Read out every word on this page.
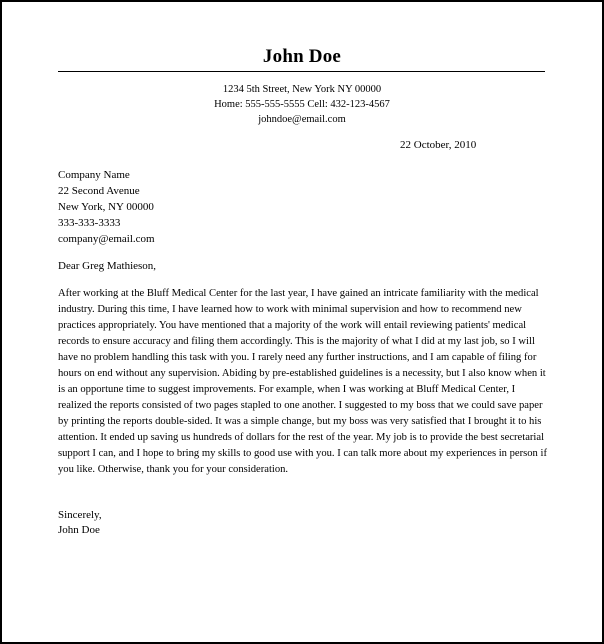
John Doe
1234 5th Street, New York NY 00000
Home: 555-555-5555 Cell: 432-123-4567
johndoe@email.com
22 October, 2010
Company Name
22 Second Avenue
New York, NY 00000
333-333-3333
company@email.com
Dear Greg Mathieson,

After working at the Bluff Medical Center for the last year, I have gained an intricate familiarity with the medical industry. During this time, I have learned how to work with minimal supervision and how to recommend new practices appropriately. You have mentioned that a majority of the work will entail reviewing patients' medical records to ensure accuracy and filing them accordingly. This is the majority of what I did at my last job, so I will have no problem handling this task with you. I rarely need any further instructions, and I am capable of filing for hours on end without any supervision. Abiding by pre-established guidelines is a necessity, but I also know when it is an opportune time to suggest improvements. For example, when I was working at Bluff Medical Center, I realized the reports consisted of two pages stapled to one another. I suggested to my boss that we could save paper by printing the reports double-sided. It was a simple change, but my boss was very satisfied that I brought it to his attention. It ended up saving us hundreds of dollars for the rest of the year. My job is to provide the best secretarial support I can, and I hope to bring my skills to good use with you. I can talk more about my experiences in person if you like. Otherwise, thank you for your consideration.

Sincerely,
John Doe
